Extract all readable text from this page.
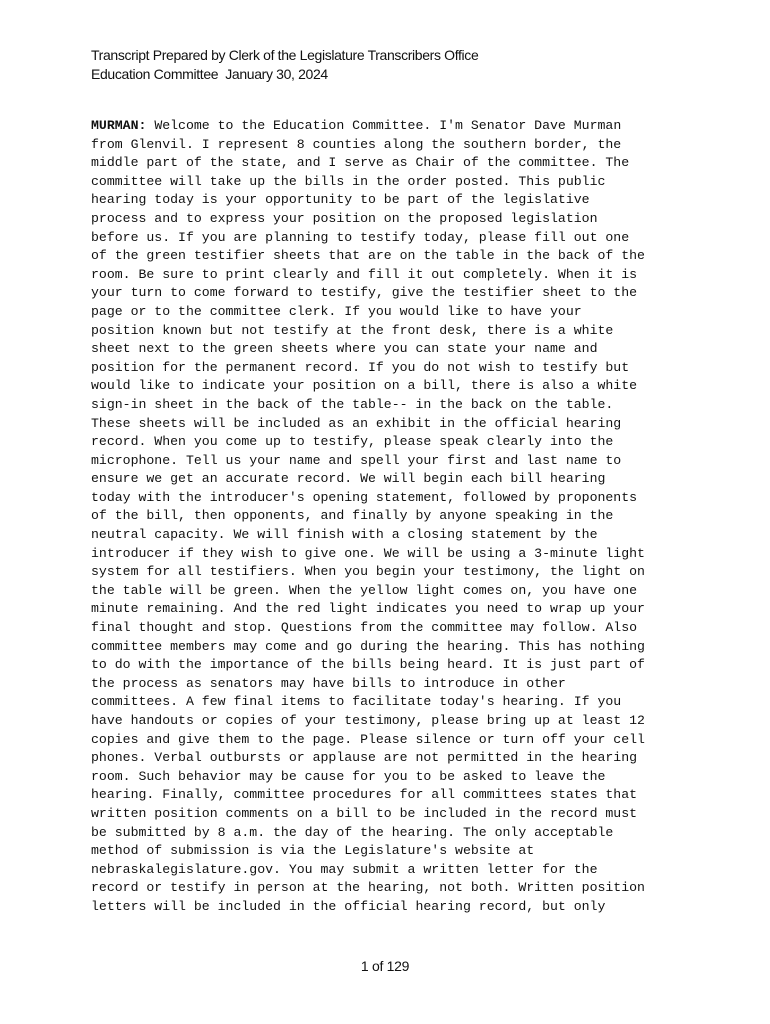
Transcript Prepared by Clerk of the Legislature Transcribers Office
Education Committee  January 30, 2024
MURMAN: Welcome to the Education Committee. I'm Senator Dave Murman
from Glenvil. I represent 8 counties along the southern border, the
middle part of the state, and I serve as Chair of the committee. The
committee will take up the bills in the order posted. This public
hearing today is your opportunity to be part of the legislative
process and to express your position on the proposed legislation
before us. If you are planning to testify today, please fill out one
of the green testifier sheets that are on the table in the back of the
room. Be sure to print clearly and fill it out completely. When it is
your turn to come forward to testify, give the testifier sheet to the
page or to the committee clerk. If you would like to have your
position known but not testify at the front desk, there is a white
sheet next to the green sheets where you can state your name and
position for the permanent record. If you do not wish to testify but
would like to indicate your position on a bill, there is also a white
sign-in sheet in the back of the table-- in the back on the table.
These sheets will be included as an exhibit in the official hearing
record. When you come up to testify, please speak clearly into the
microphone. Tell us your name and spell your first and last name to
ensure we get an accurate record. We will begin each bill hearing
today with the introducer's opening statement, followed by proponents
of the bill, then opponents, and finally by anyone speaking in the
neutral capacity. We will finish with a closing statement by the
introducer if they wish to give one. We will be using a 3-minute light
system for all testifiers. When you begin your testimony, the light on
the table will be green. When the yellow light comes on, you have one
minute remaining. And the red light indicates you need to wrap up your
final thought and stop. Questions from the committee may follow. Also
committee members may come and go during the hearing. This has nothing
to do with the importance of the bills being heard. It is just part of
the process as senators may have bills to introduce in other
committees. A few final items to facilitate today's hearing. If you
have handouts or copies of your testimony, please bring up at least 12
copies and give them to the page. Please silence or turn off your cell
phones. Verbal outbursts or applause are not permitted in the hearing
room. Such behavior may be cause for you to be asked to leave the
hearing. Finally, committee procedures for all committees states that
written position comments on a bill to be included in the record must
be submitted by 8 a.m. the day of the hearing. The only acceptable
method of submission is via the Legislature's website at
nebraskalegislature.gov. You may submit a written letter for the
record or testify in person at the hearing, not both. Written position
letters will be included in the official hearing record, but only
1 of 129
